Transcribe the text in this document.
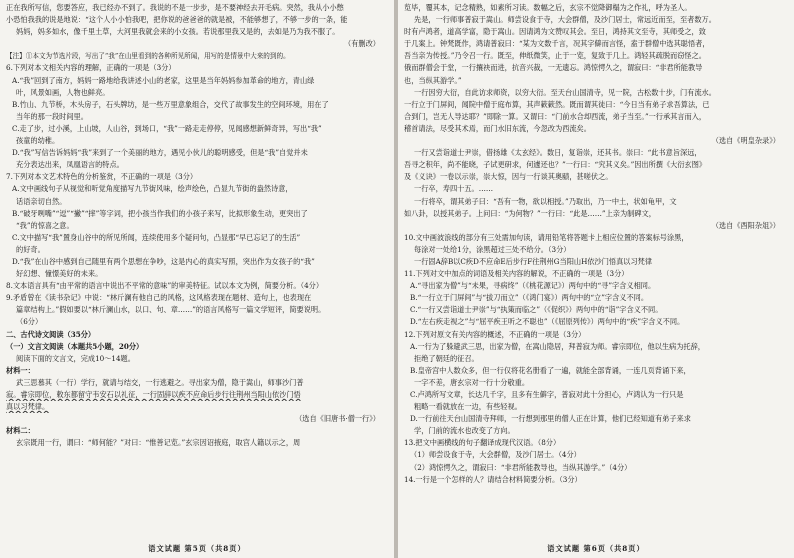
正在我所写信，您要答应，我已经办不到了。我说的不是一步步，是不要神经去开毛病。突然，我从小小憋
小恐怕我我的说是地说：“这个人小小怕我吧，把你说的爸爸爸的就是被，不能够想了，不够一步的一条，能
妈妈，妈多如水，像千里土草，大河里我就会来的小女孩。若说那里我又是的，去如是乃为我不服了。
（有删改）
【注】①本文为节选片段，写出了“我”在山里看到的各种所见所闻，用写的是情景中大来的到的。
6.下列对本文相关内容的理解，正确的一项是（3分）
A.“我”回到了南方，妈妈一路地给我讲述小山的老家，这里是当年妈妈参加革命的地方，青山绿
叶，风景如画，人物也鲜亮。
B.竹山、九节桥，木头房子，石头牌坊，是一些万里意象组合，交代了故事发生的空间环境，用在了
当年的那一段时间里。
C.走了步，过小溪，上山坡，人山谷，到场口，“我”一路走走停停，见闻感想新鲜奇异，写出“我”
孩童的幼稚。
D.“我”写信告诉妈妈“我”来到了一个美丽的地方，遇见小伙儿的聪明感受，但是“我”自觉并未
充分表达出来，凤凰语言的特点。
7.下列对本文艺术特色的分析鉴赏，不正确的一项是（3分）
A.文中画线句子从视觉和听觉角度描写九节街风味，绘声绘色，凸显九节街的盎然诗意，
话语亲切自然。
B.“破牙咧嘴”“逗”“撇”“摔”等字词，把小孩当作我们的小孩子来写，比拟形象生动，更突出了
“我”的惊喜之意。
C.文中描写“我”置身山谷中的所见所闻，连续使用多个疑问句，凸显那“早已忘记了的生活”
的好奇。
D.“我”在山谷中感到自己随里有两个思想在争吵，这是内心的真实写照，突出作为女孩子的“我”
好幻想、憧憬美好的未来。
8.文本语言具有“由平常的语言中说出不平常的意味”的审美特征。试以本文为例，简要分析。（4分）
9.矛盾曾在《读书杂记》中说：“林斤澜有他自己的风格，这风格表现在题材、造句上，也表现在
篇章结构上。”假如要以“林斤澜山水，以口、句、章……”的语言风格写一篇文学短评，简要说明。
（6分）
二、古代诗文阅读（35分）
（一）文言文阅读（本题共5小题，20分）
阅读下面的文言文，完成10～14题。
材料一：
武三思慕其（一行）学行，就请与结交，一行逃避之。寻出家为僧，隐于嵩山，师事沙门普
寂。睿宗即位，敕东都留守韦安石以礼征，一行固辞以疾不应命后步行往荆州当阳山依沙门悟
真以习梵律。
（选自《旧唐书·僧一行》）
材料二：
玄宗既用一行，谓曰：“师何能？”对曰：“惟善记览。”玄宗因诏掖庭，取宫人籍以示之，周
语文试题 第5页（共8页）
览毕，覆其本，记念精熟，如素所习读。数幅之后，玄宗不觉降御榻为之作礼，呼为圣人。
先是，一行师事普寂于嵩山。师尝设食于寺，大会群僧，及沙门居士，常远近而至，至者数万。
时有卢鸿者，道高学富，隐于嵩山。因请鸿为文赞叹其会。至日，鸿持其文至寺，其师受之，致
于几案上。钟梵既作，鸿请普寂曰：“某为文数千言，况其字僻而言怪，盍于群僧中选其聪悟者，
吾当亲为传授。”乃令召一行。既至，伸纸微笑，止于一览，复致于几上。鸿轻其疏脱而窃怪之。
俄而群僧会于堂，一行攘袂而进，抗音兴裁，一无遗忘。鸿惊愕久之，谓寂曰：“非君所能教导
也，当纵其游学。”
一行因穷大衍，自此访求师资，以穷大衍。至天台山国清寺，见一院，古松数十步，门有流水。
一行立于门屏间，闻院中僧于庭布算，其声簌簌然。既而谓其徒曰：“今日当有弟子求吾算法，已
合到门，岂无人导达耶？”即除一算。又谓曰：“门前水合却西流，弟子当至。”一行承其言而入，
稽首请法，尽受其术焉，而门水旧东流，今忽改为西流矣。
（选自《明皇杂录》）
一行又尝诣道士尹崇，借扬雄《太玄经》。数日，复诣崇，还其书。崇曰：“此书意旨深远，
吾寻之积年，尚不能晓，子试更研求，何遽还也？”一行曰：“究其义矣。”因出所撰《大衍玄图》
及《义诀》一卷以示崇，崇大惊，因与一行谈其奥赜，甚嗟伏之。
一行卒，寿四十五。……
一行将卒，谓其弟子曰：“吾有一物，欲以相授。”乃取出，乃一中土，状如龟甲，文
如八卦，以授其弟子。上问曰：“为何物？”一行曰：“此是……”上亲为制碑文，
（选自《酉阳杂俎》）
10.文中画波浪线的部分有三处需加句读，请用铅笔将答题卡上相应位置的答案标号涂黑，
每涂对一处给1分，涂黑超过三处不给分。（3分）
一行固A辞B以C疾D不应命E后步行F往荆州G当阳山H依沙门悟真以习梵律
11.下列对文中加点的词语及相关内容的解说，不正确的一项是（3分）
A.“寻出家为僧”与“未果，寻病终”（《桃花源记》）两句中的“寻”字含义相同。
B.“一行立于门屏间”与“拔刀而立”（《鸿门宴》）两句中的“立”字含义不同。
C.“一行又尝诣道士尹崇”与“执策而临之”（《促织》）两句中的“诣”字含义不同。
D.“左右疾走视之”与“屈平疾王听之不聪也”（《屈原列传》）两句中的“疾”字含义不同。
12.下列对原文有关内容的概述，不正确的一项是（3分）
A.一行为了躲避武三思，出家为僧，在嵩山隐居，拜普寂为师。睿宗即位，他以生病为托辞，
拒绝了朝廷的征召。
B.皇帝宫中人数众多，但一行仅将花名册看了一遍，就能全部背诵，一连几页背诵下来，
一字不差，唐玄宗对一行十分敬重。
C.卢鸿所写文章，长达几千字，且多有生僻字，普寂对此十分担心，卢鸿认为一行只是
粗略一看就放在一边，有些轻视。
D.一行前往天台山国清寺拜师，一行想到那里的僧人正在计算，他们已经知道有弟子来求
学，门前的流水也改变了方向。
13.把文中画横线的句子翻译成现代汉语。（8分）
（1）师尝设食于寺，大会群僧，及沙门居士。（4分）
（2）鸿惊愕久之，谓寂曰：“非君所能教导也，当纵其游学。”（4分）
14.一行是一个怎样的人？请结合材料简要分析。（3分）
语文试题 第6页（共8页）
